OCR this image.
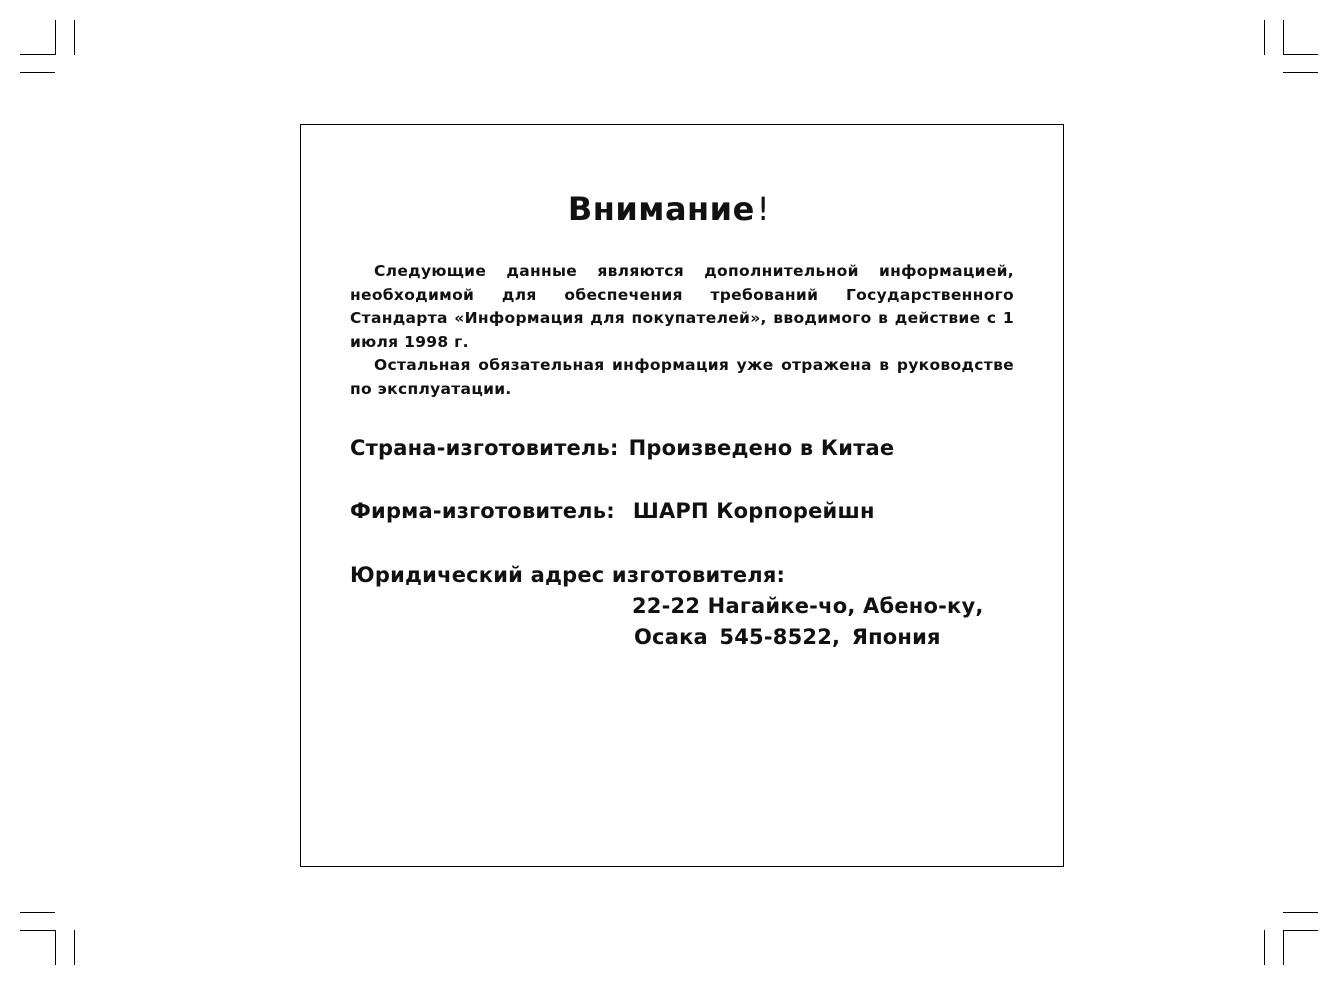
Внимание!

Следующие данные являются дополнительной информацией, необходимой для обеспечения требований Государственного Стандарта «Информация для покупателей», вводимого в действие с 1 июля 1998 г.

Остальная обязательная информация уже отражена в руководстве по эксплуатации.

Страна-изготовитель: Произведено в Китае
Фирма-изготовитель: ШАРП Корпорейшн
Юридический адрес изготовителя:
22-22 Нагайке-чо, Абено-ку,
Осака 545-8522, Япония
